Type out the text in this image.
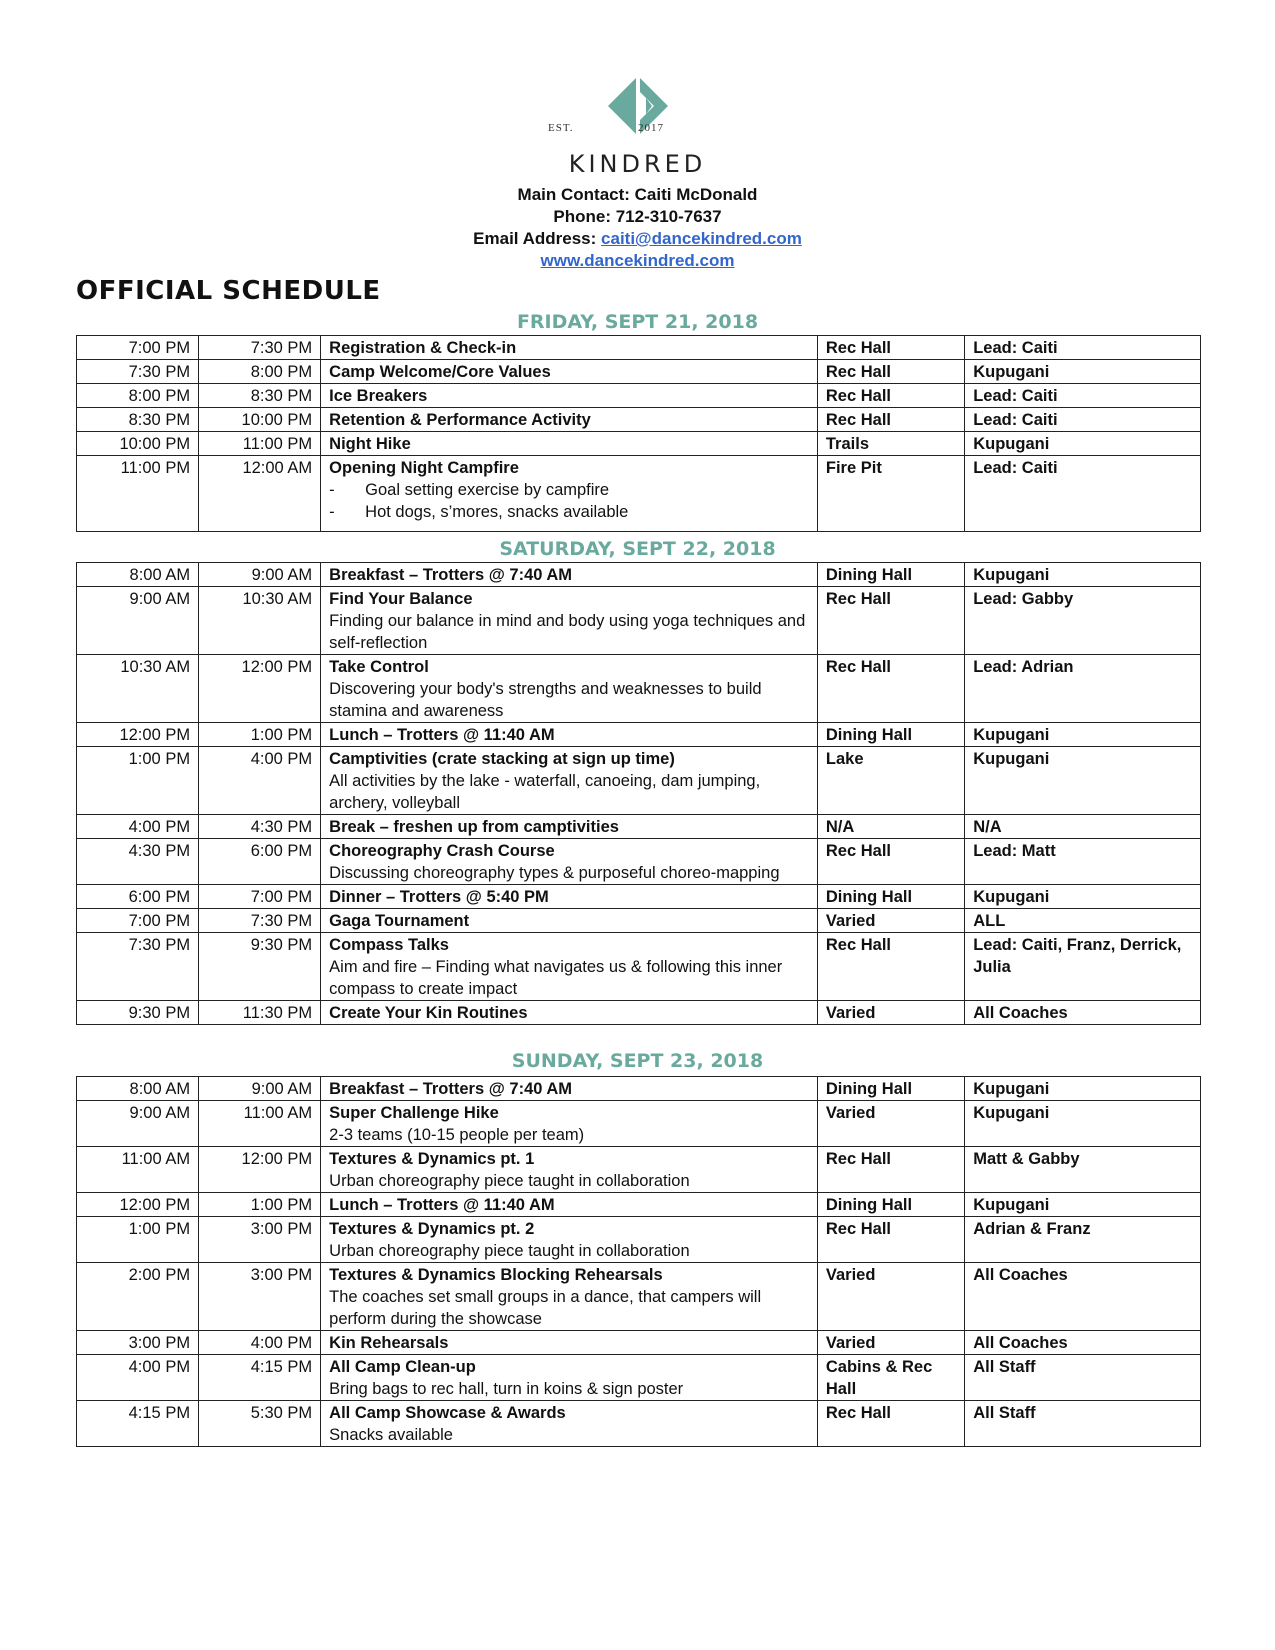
EST.	2017
KINDRED
Main Contact: Caiti McDonald
Phone: 712-310-7637
Email Address: caiti@dancekindred.com
www.dancekindred.com
OFFICIAL SCHEDULE
FRIDAY, SEPT 21, 2018
7:00 PM	7:30 PM	Registration & Check-in	Rec Hall	Lead: Caiti
7:30 PM	8:00 PM	Camp Welcome/Core Values	Rec Hall	Kupugani
8:00 PM	8:30 PM	Ice Breakers	Rec Hall	Lead: Caiti
8:30 PM	10:00 PM	Retention & Performance Activity	Rec Hall	Lead: Caiti
10:00 PM	11:00 PM	Night Hike	Trails	Kupugani
11:00 PM	12:00 AM	Opening Night Campfire
- Goal setting exercise by campfire
- Hot dogs, s’mores, snacks available	Fire Pit	Lead: Caiti
SATURDAY, SEPT 22, 2018
8:00 AM	9:00 AM	Breakfast – Trotters @ 7:40 AM	Dining Hall	Kupugani
9:00 AM	10:30 AM	Find Your Balance
Finding our balance in mind and body using yoga techniques and self-reflection	Rec Hall	Lead: Gabby
10:30 AM	12:00 PM	Take Control
Discovering your body's strengths and weaknesses to build stamina and awareness	Rec Hall	Lead: Adrian
12:00 PM	1:00 PM	Lunch – Trotters @ 11:40 AM	Dining Hall	Kupugani
1:00 PM	4:00 PM	Camptivities (crate stacking at sign up time)
All activities by the lake - waterfall, canoeing, dam jumping, archery, volleyball	Lake	Kupugani
4:00 PM	4:30 PM	Break – freshen up from camptivities	N/A	N/A
4:30 PM	6:00 PM	Choreography Crash Course
Discussing choreography types & purposeful choreo-mapping	Rec Hall	Lead: Matt
6:00 PM	7:00 PM	Dinner – Trotters @ 5:40 PM	Dining Hall	Kupugani
7:00 PM	7:30 PM	Gaga Tournament	Varied	ALL
7:30 PM	9:30 PM	Compass Talks
Aim and fire – Finding what navigates us & following this inner compass to create impact	Rec Hall	Lead: Caiti, Franz, Derrick, Julia
9:30 PM	11:30 PM	Create Your Kin Routines	Varied	All Coaches
SUNDAY, SEPT 23, 2018
8:00 AM	9:00 AM	Breakfast – Trotters @ 7:40 AM	Dining Hall	Kupugani
9:00 AM	11:00 AM	Super Challenge Hike
2-3 teams (10-15 people per team)	Varied	Kupugani
11:00 AM	12:00 PM	Textures & Dynamics pt. 1
Urban choreography piece taught in collaboration	Rec Hall	Matt & Gabby
12:00 PM	1:00 PM	Lunch – Trotters @ 11:40 AM	Dining Hall	Kupugani
1:00 PM	3:00 PM	Textures & Dynamics pt. 2
Urban choreography piece taught in collaboration	Rec Hall	Adrian & Franz
2:00 PM	3:00 PM	Textures & Dynamics Blocking Rehearsals
The coaches set small groups in a dance, that campers will perform during the showcase	Varied	All Coaches
3:00 PM	4:00 PM	Kin Rehearsals	Varied	All Coaches
4:00 PM	4:15 PM	All Camp Clean-up
Bring bags to rec hall, turn in koins & sign poster	Cabins & Rec Hall	All Staff
4:15 PM	5:30 PM	All Camp Showcase & Awards
Snacks available	Rec Hall	All Staff
